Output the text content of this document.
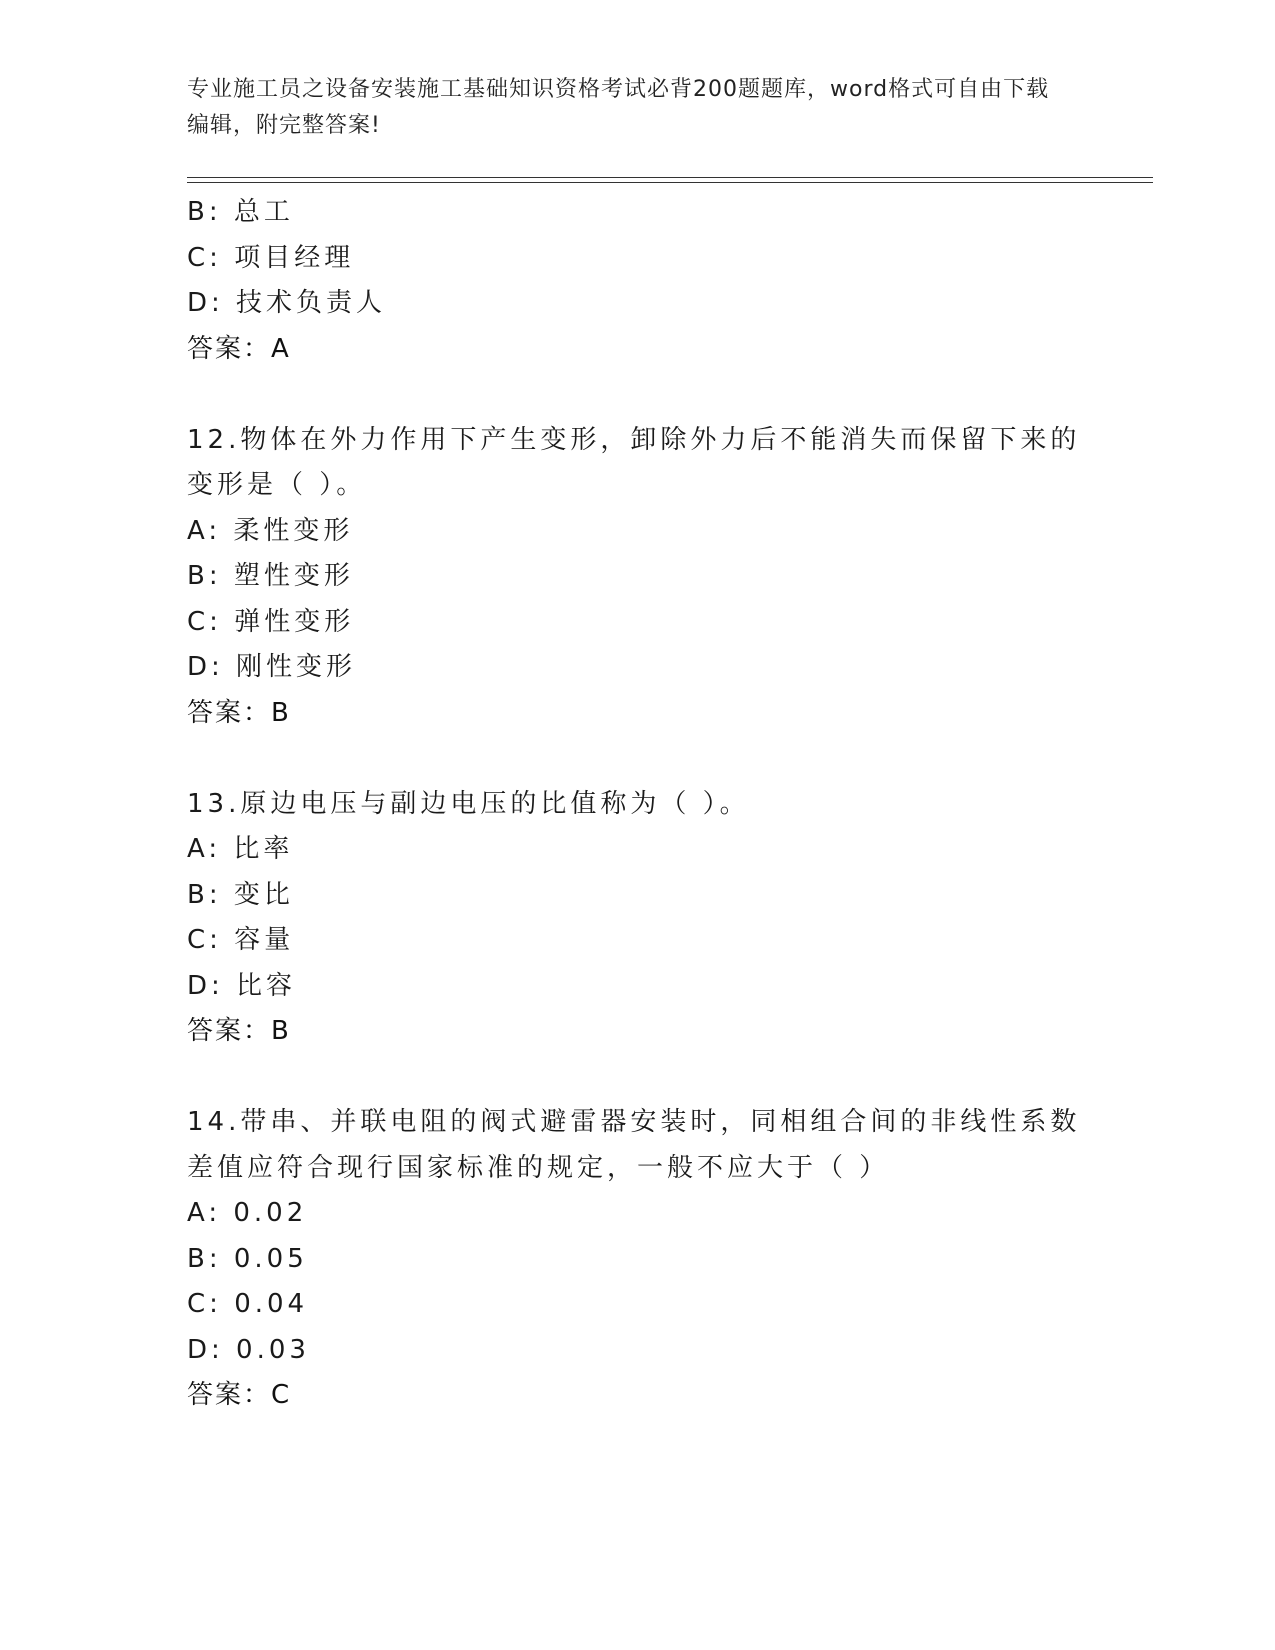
专业施工员之设备安装施工基础知识资格考试必背200题题库，word格式可自由下载编辑，附完整答案!
B: 总工
C: 项目经理
D: 技术负责人
答案：A
12.物体在外力作用下产生变形，卸除外力后不能消失而保留下来的变形是（ ）。
A: 柔性变形
B: 塑性变形
C: 弹性变形
D: 刚性变形
答案：B
13.原边电压与副边电压的比值称为（ ）。
A: 比率
B: 变比
C: 容量
D: 比容
答案：B
14.带串、并联电阻的阀式避雷器安装时，同相组合间的非线性系数差值应符合现行国家标准的规定，一般不应大于（ ）
A: 0.02
B: 0.05
C: 0.04
D: 0.03
答案：C
